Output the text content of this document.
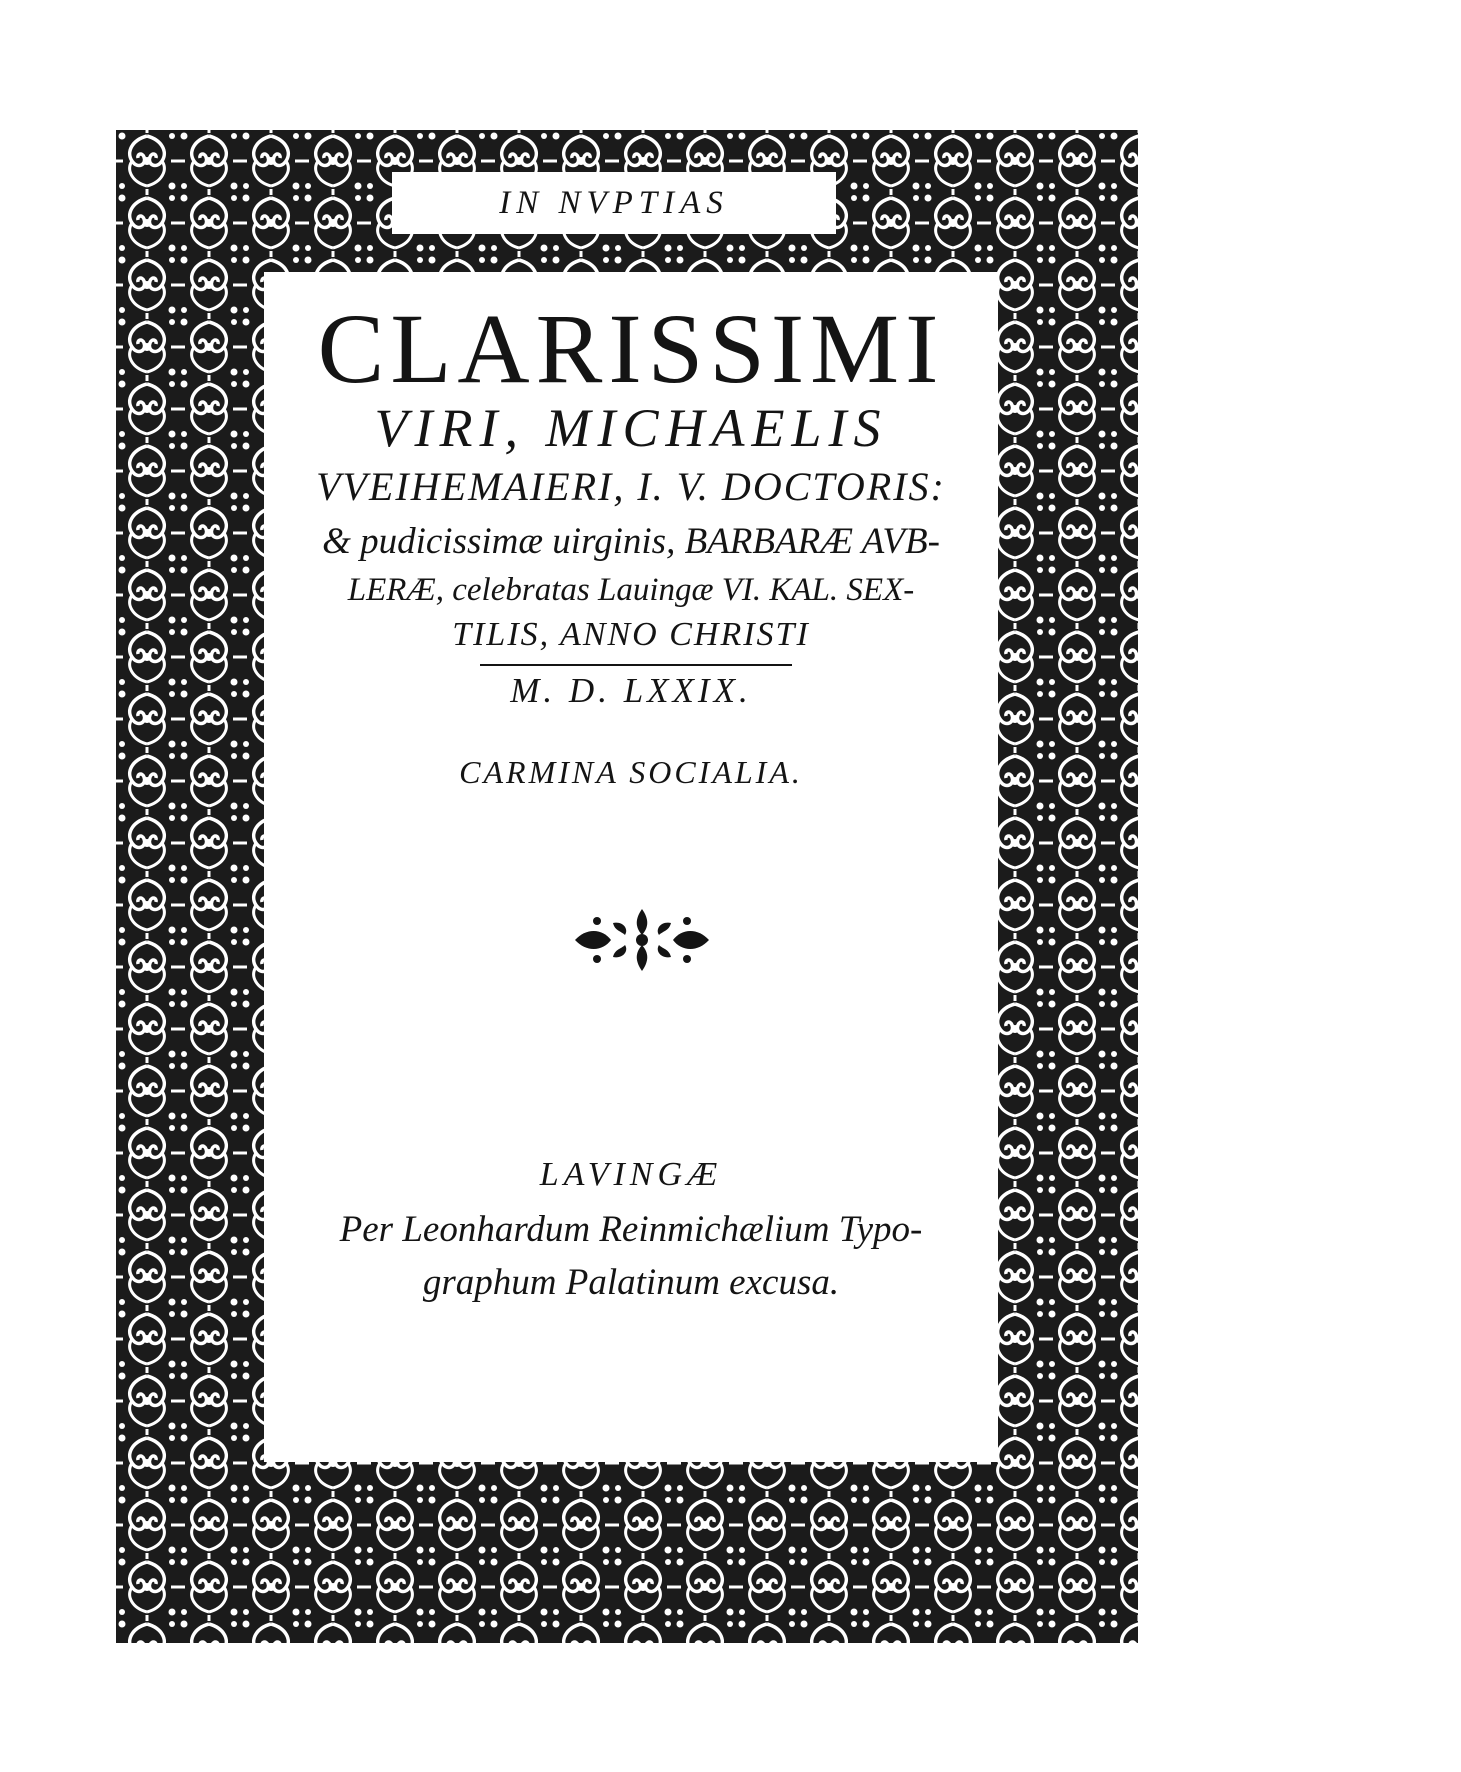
IN NVPTIAS
CLARISSIMI
VIRI, MICHAELIS
VVEIHEMAIERI, I. V. DOCTORIS:
& pudicissimæ uirginis, BARBARÆ AVB-
LERÆ, celebratas Lauingæ VI. KAL. SEX-
TILIS, ANNO CHRISTI
M. D. LXXIX.
CARMINA SOCIALIA.
LAVINGÆ
Per Leonhardum Reinmichælium Typo-
graphum Palatinum excusa.
